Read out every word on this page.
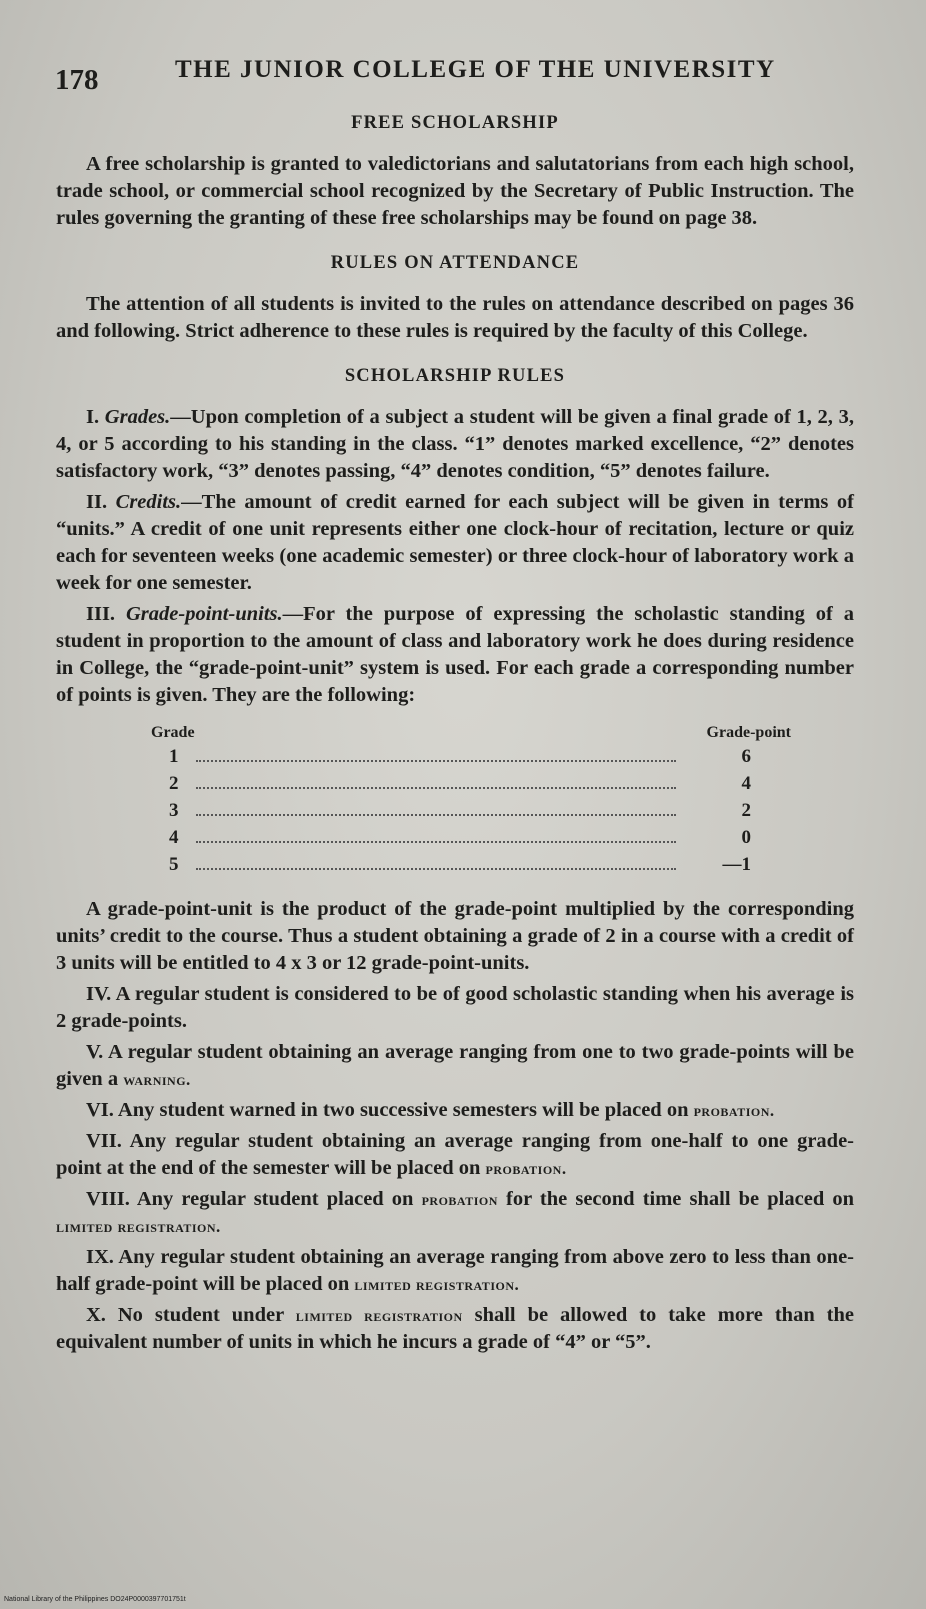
178	THE JUNIOR COLLEGE OF THE UNIVERSITY
FREE SCHOLARSHIP

A free scholarship is granted to valedictorians and salutatorians from each high school, trade school, or commercial school recognized by the Secretary of Public Instruction. The rules governing the granting of these free scholarships may be found on page 38.

RULES ON ATTENDANCE

The attention of all students is invited to the rules on attendance described on pages 36 and following. Strict adherence to these rules is required by the faculty of this College.

SCHOLARSHIP RULES

I. Grades.—Upon completion of a subject a student will be given a final grade of 1, 2, 3, 4, or 5 according to his standing in the class. “1” denotes marked excellence, “2” denotes satisfactory work, “3” denotes passing, “4” denotes condition, “5” denotes failure.

II. Credits.—The amount of credit earned for each subject will be given in terms of “units.” A credit of one unit represents either one clock-hour of recitation, lecture or quiz each for seventeen weeks (one academic semester) or three clock-hour of laboratory work a week for one semester.

III. Grade-point-units.—For the purpose of expressing the scholastic standing of a student in proportion to the amount of class and laboratory work he does during residence in College, the “grade-point-unit” system is used. For each grade a corresponding number of points is given. They are the following:

Grade	Grade-point
1	6
2	4
3	2
4	0
5	—1

A grade-point-unit is the product of the grade-point multiplied by the corresponding units’ credit to the course. Thus a student obtaining a grade of 2 in a course with a credit of 3 units will be entitled to 4 x 3 or 12 grade-point-units.

IV. A regular student is considered to be of good scholastic standing when his average is 2 grade-points.

V. A regular student obtaining an average ranging from one to two grade-points will be given a warning.

VI. Any student warned in two successive semesters will be placed on probation.

VII. Any regular student obtaining an average ranging from one-half to one grade-point at the end of the semester will be placed on probation.

VIII. Any regular student placed on probation for the second time shall be placed on limited registration.

IX. Any regular student obtaining an average ranging from above zero to less than one-half grade-point will be placed on limited registration.

X. No student under limited registration shall be allowed to take more than the equivalent number of units in which he incurs a grade of “4” or “5”.

National Library of the Philippines DO24P0000397701751t
